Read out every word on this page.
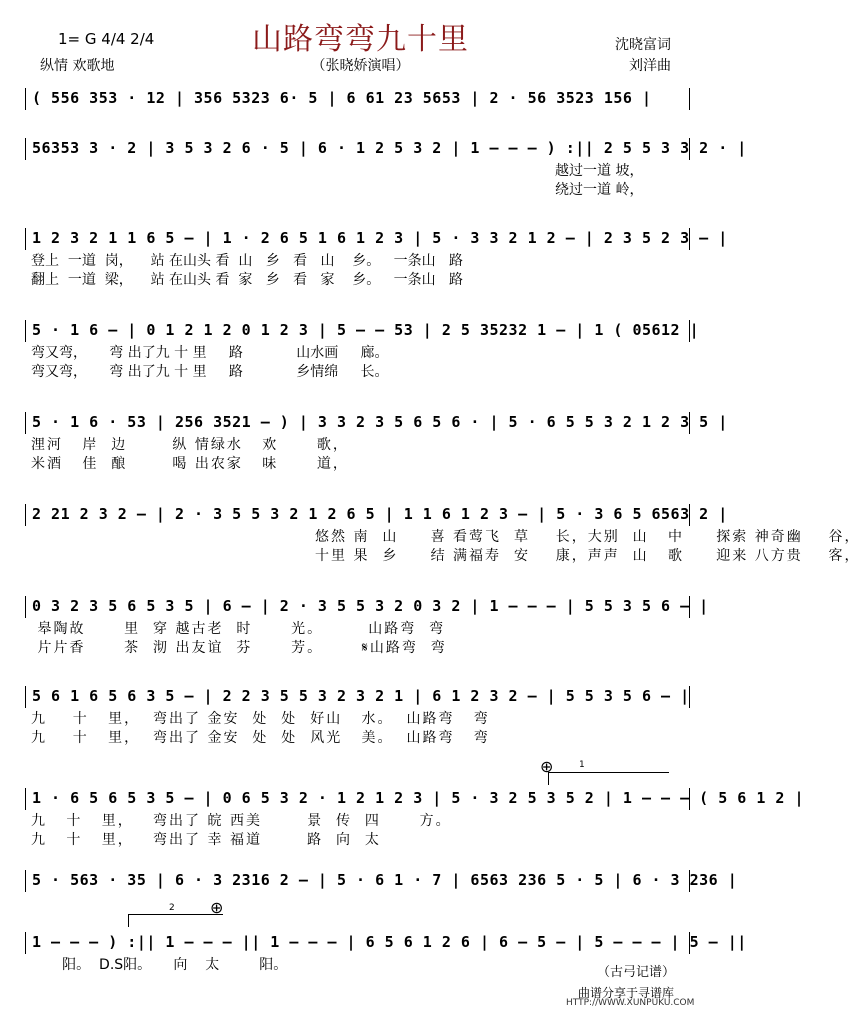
山路弯弯九十里
1= G 4/4 2/4
纵情 欢歌地	（张晓娇演唱）
沈晓富词
刘洋曲
( 556 353 · 12 | 356 5323 6· 5 | 6 61 23 5653 | 2 · 56 3523 156 |
56353 3 · 2 | 3 5 3 2 6 · 5 | 6 · 1 2 5 3 2 | 1 – – – ) :|| 2 5 5 3 3 2 · |
越过一道 坡，
绕过一道 岭，
1 2 3 2 1 1 6 5 – | 1 · 2 6 5 1 6 1 2 3 | 5 · 3 3 2 1 2 – | 2 3 5 2 3 – |
登上  一道  岗，    站 在山头 看  山   乡   看   山    乡。   一条山   路
翻上  一道  梁，    站 在山头 看  家   乡   看   家    乡。   一条山   路
5 · 1 6 – | 0 1 2 1 2 0 1 2 3 | 5 – – 53 | 2 5 35232 1 – | 1 ( 05612 |
弯又弯，     弯 出了九 十 里     路            山水画     廊。
弯又弯，     弯 出了九 十 里     路            乡情绵     长。
5 · 1 6 · 53 | 256 3521 – ) | 3 3 2 3 5 6 5 6 · | 5 · 6 5 5 3 2 1 2 3 5 |
浬河   岸  边       纵 情绿水   欢      歌，
米酒   佳  酿       喝 出农家   味      道，
2 21 2 3 2 – | 2 · 3 5 5 3 2 1 2 6 5 | 1 1 6 1 2 3 – | 5 · 3 6 5 6563 2 |
悠然 南  山     喜 看莺飞  草    长，大别  山   中     探索 神奇幽    谷，
十里 果  乡     结 满福寿  安    康，声声  山   歌     迎来 八方贵    客，
0 3 2 3 5 6 5 3 5 | 6 – | 2 · 3 5 5 3 2 0 3 2 | 1 – – – | 5 5 3 5 6 – |
皋陶故      里  穿 越古老  时      光。       山路弯  弯
片片香      茶  沏 出友谊  芬      芳。      𝄋山路弯  弯
5 6 1 6 5 6 3 5 – | 2 2 3 5 5 3 2 3 2 1 | 6 1 2 3 2 – | 5 5 3 5 6 – |
九    十   里，  弯出了 金安  处  处  好山   水。  山路弯   弯
九    十   里，  弯出了 金安  处  处  风光   美。  山路弯   弯
⊕	1
1 · 6 5 6 5 3 5 – | 0 6 5 3 2 · 1 2 1 2 3 | 5 · 3 2 5 3 5 2 | 1 – – – ( 5 6 1 2 |
九   十   里，   弯出了 皖 西美       景  传  四      方。
九   十   里，   弯出了 幸 福道       路  向  太
5 · 563 · 35 | 6 · 3 2316 2 – | 5 · 6 1 · 7 | 6563 236 5 · 5 | 6 · 3 236 |
2 ⊕
1 – – – ) :|| 1 – – – || 1 – – – | 6 5 6 1 2 6 | 6 – 5 – | 5 – – – | 5 – ||
阳。  D.S阳。     向    太         阳。	（古弓记谱）
曲谱分享于寻谱库
HTTP://WWW.XUNPUKU.COM
